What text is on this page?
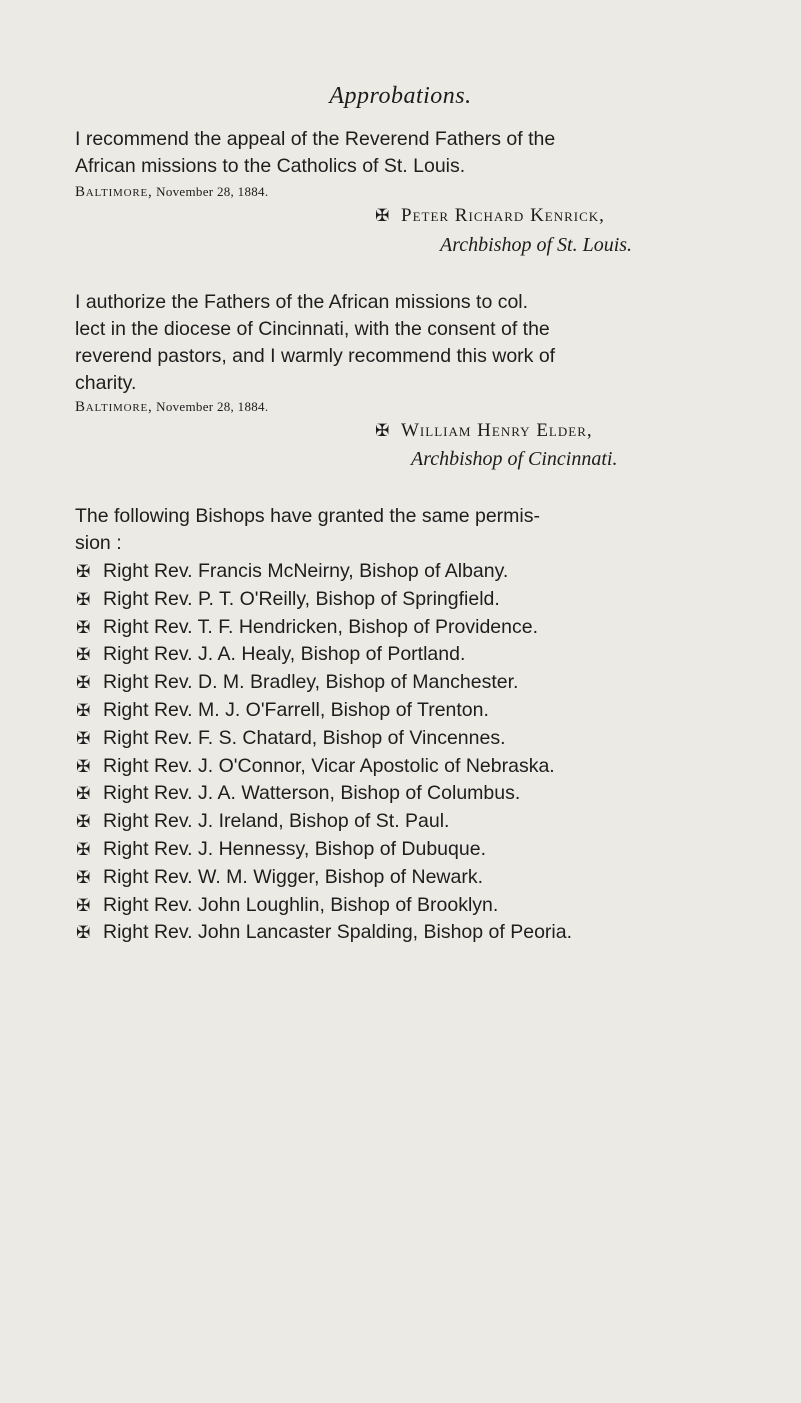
Approbations.
I recommend the appeal of the Reverend Fathers of the
African missions to the Catholics of St. Louis.
Baltimore, November 28, 1884.
✠ Peter Richard Kenrick,
Archbishop of St. Louis.
I authorize the Fathers of the African missions to col.
lect in the diocese of Cincinnati, with the consent of the
reverend pastors, and I warmly recommend this work of
charity.
Baltimore, November 28, 1884.
✠ William Henry Elder,
Archbishop of Cincinnati.
The following Bishops have granted the same permis-
sion :
✠ Right Rev. Francis McNeirny, Bishop of Albany.
✠ Right Rev. P. T. O'Reilly, Bishop of Springfield.
✠ Right Rev. T. F. Hendricken, Bishop of Providence.
✠ Right Rev. J. A. Healy, Bishop of Portland.
✠ Right Rev. D. M. Bradley, Bishop of Manchester.
✠ Right Rev. M. J. O'Farrell, Bishop of Trenton.
✠ Right Rev. F. S. Chatard, Bishop of Vincennes.
✠ Right Rev. J. O'Connor, Vicar Apostolic of Nebraska.
✠ Right Rev. J. A. Watterson, Bishop of Columbus.
✠ Right Rev. J. Ireland, Bishop of St. Paul.
✠ Right Rev. J. Hennessy, Bishop of Dubuque.
✠ Right Rev. W. M. Wigger, Bishop of Newark.
✠ Right Rev. John Loughlin, Bishop of Brooklyn.
✠ Right Rev. John Lancaster Spalding, Bishop of Peoria.
